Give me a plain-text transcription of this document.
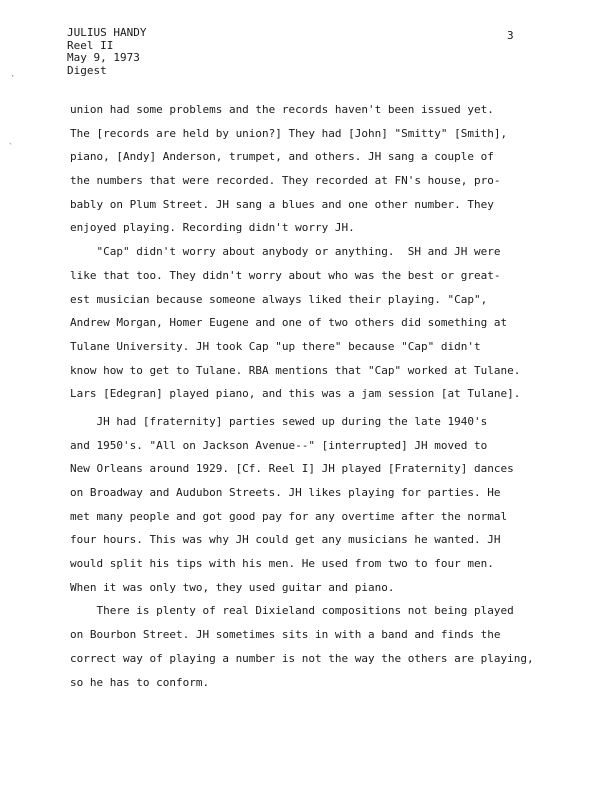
JULIUS HANDY
Reel II
May 9, 1973
Digest
3
·
`
union had some problems and the records haven't been issued yet.
The [records are held by union?] They had [John] "Smitty" [Smith],
piano, [Andy] Anderson, trumpet, and others. JH sang a couple of
the numbers that were recorded. They recorded at FN's house, pro-
bably on Plum Street. JH sang a blues and one other number. They
enjoyed playing. Recording didn't worry JH.
"Cap" didn't worry about anybody or anything.  SH and JH were
like that too. They didn't worry about who was the best or great-
est musician because someone always liked their playing. "Cap",
Andrew Morgan, Homer Eugene and one of two others did something at
Tulane University. JH took Cap "up there" because "Cap" didn't
know how to get to Tulane. RBA mentions that "Cap" worked at Tulane.
Lars [Edegran] played piano, and this was a jam session [at Tulane].
JH had [fraternity] parties sewed up during the late 1940's
and 1950's. "All on Jackson Avenue--" [interrupted] JH moved to
New Orleans around 1929. [Cf. Reel I] JH played [Fraternity] dances
on Broadway and Audubon Streets. JH likes playing for parties. He
met many people and got good pay for any overtime after the normal
four hours. This was why JH could get any musicians he wanted. JH
would split his tips with his men. He used from two to four men.
When it was only two, they used guitar and piano.
There is plenty of real Dixieland compositions not being played
on Bourbon Street. JH sometimes sits in with a band and finds the
correct way of playing a number is not the way the others are playing,
so he has to conform.
